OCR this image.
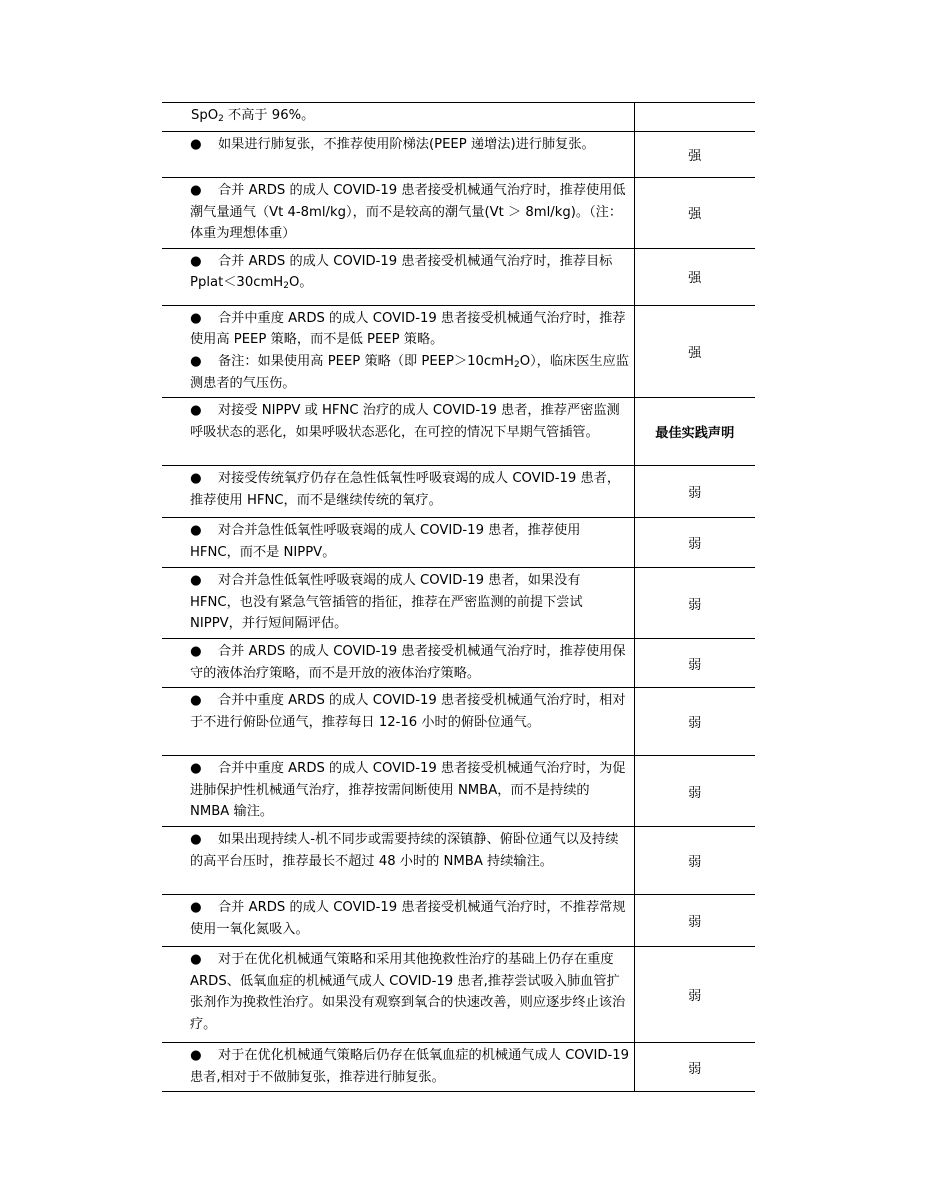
SpO$_2$ 不高于 96%。	

● 如果进行肺复张，不推荐使用阶梯法(PEEP 递增法)进行肺复张。	强

● 合并 ARDS 的成人 COVID-19 患者接受机械通气治疗时，推荐使用低潮气量通气（Vt 4-8ml/kg），而不是较高的潮气量(Vt ＞ 8ml/kg)。（注：体重为理想体重）	强

● 合并 ARDS 的成人 COVID-19 患者接受机械通气治疗时，推荐目标 Pplat＜30cmH$_2$O。	强

● 合并中重度 ARDS 的成人 COVID-19 患者接受机械通气治疗时，推荐使用高 PEEP 策略，而不是低 PEEP 策略。
● 备注：如果使用高 PEEP 策略（即 PEEP＞10cmH$_2$O），临床医生应监测患者的气压伤。	强

● 对接受 NIPPV 或 HFNC 治疗的成人 COVID-19 患者，推荐严密监测呼吸状态的恶化，如果呼吸状态恶化，在可控的情况下早期气管插管。	最佳实践声明

● 对接受传统氧疗仍存在急性低氧性呼吸衰竭的成人 COVID-19 患者，推荐使用 HFNC，而不是继续传统的氧疗。	弱

● 对合并急性低氧性呼吸衰竭的成人 COVID-19 患者，推荐使用 HFNC，而不是 NIPPV。	弱

● 对合并急性低氧性呼吸衰竭的成人 COVID-19 患者，如果没有 HFNC，也没有紧急气管插管的指征，推荐在严密监测的前提下尝试 NIPPV，并行短间隔评估。	弱

● 合并 ARDS 的成人 COVID-19 患者接受机械通气治疗时，推荐使用保守的液体治疗策略，而不是开放的液体治疗策略。	弱

● 合并中重度 ARDS 的成人 COVID-19 患者接受机械通气治疗时，相对于不进行俯卧位通气，推荐每日 12-16 小时的俯卧位通气。	弱

● 合并中重度 ARDS 的成人 COVID-19 患者接受机械通气治疗时，为促进肺保护性机械通气治疗，推荐按需间断使用 NMBA，而不是持续的 NMBA 输注。	弱

● 如果出现持续人-机不同步或需要持续的深镇静、俯卧位通气以及持续的高平台压时，推荐最长不超过 48 小时的 NMBA 持续输注。	弱

● 合并 ARDS 的成人 COVID-19 患者接受机械通气治疗时，不推荐常规使用一氧化氮吸入。	弱

● 对于在优化机械通气策略和采用其他挽救性治疗的基础上仍存在重度 ARDS、低氧血症的机械通气成人 COVID-19 患者,推荐尝试吸入肺血管扩张剂作为挽救性治疗。如果没有观察到氧合的快速改善，则应逐步终止该治疗。	弱

● 对于在优化机械通气策略后仍存在低氧血症的机械通气成人 COVID-19 患者,相对于不做肺复张，推荐进行肺复张。	弱
